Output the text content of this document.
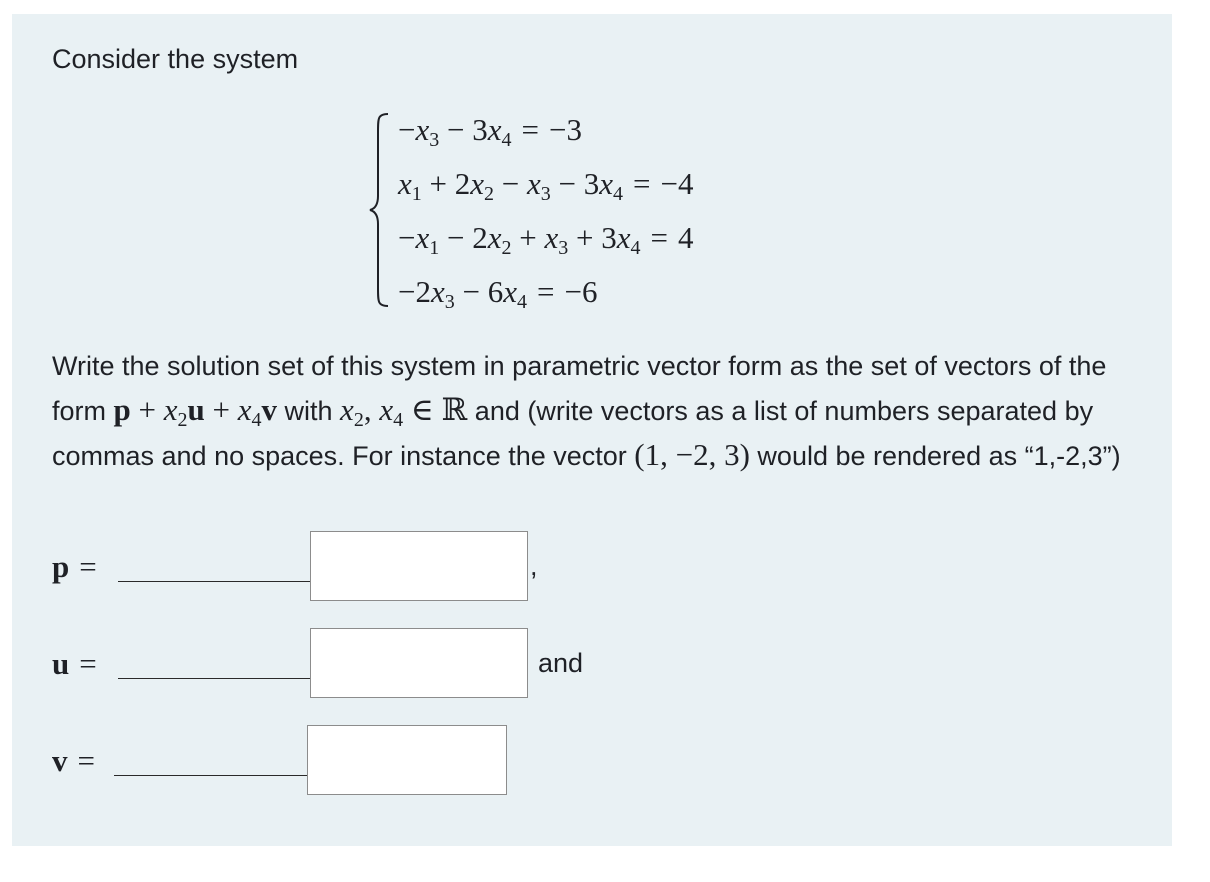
Consider the system
$-x_3 - 3x_4 = -3$
$x_1 + 2x_2 - x_3 - 3x_4 = -4$
$-x_1 - 2x_2 + x_3 + 3x_4 = 4$
$-2x_3 - 6x_4 = -6$
Write the solution set of this system in parametric vector form as the set of vectors of the form $p + x_2u + x_4v$ with $x_2$, $x_4$ ∈ ℝ and (write vectors as a list of numbers separated by commas and no spaces. For instance the vector (1, −2, 3) would be rendered as “1,-2,3”)
p =	,
u =	and
v =
